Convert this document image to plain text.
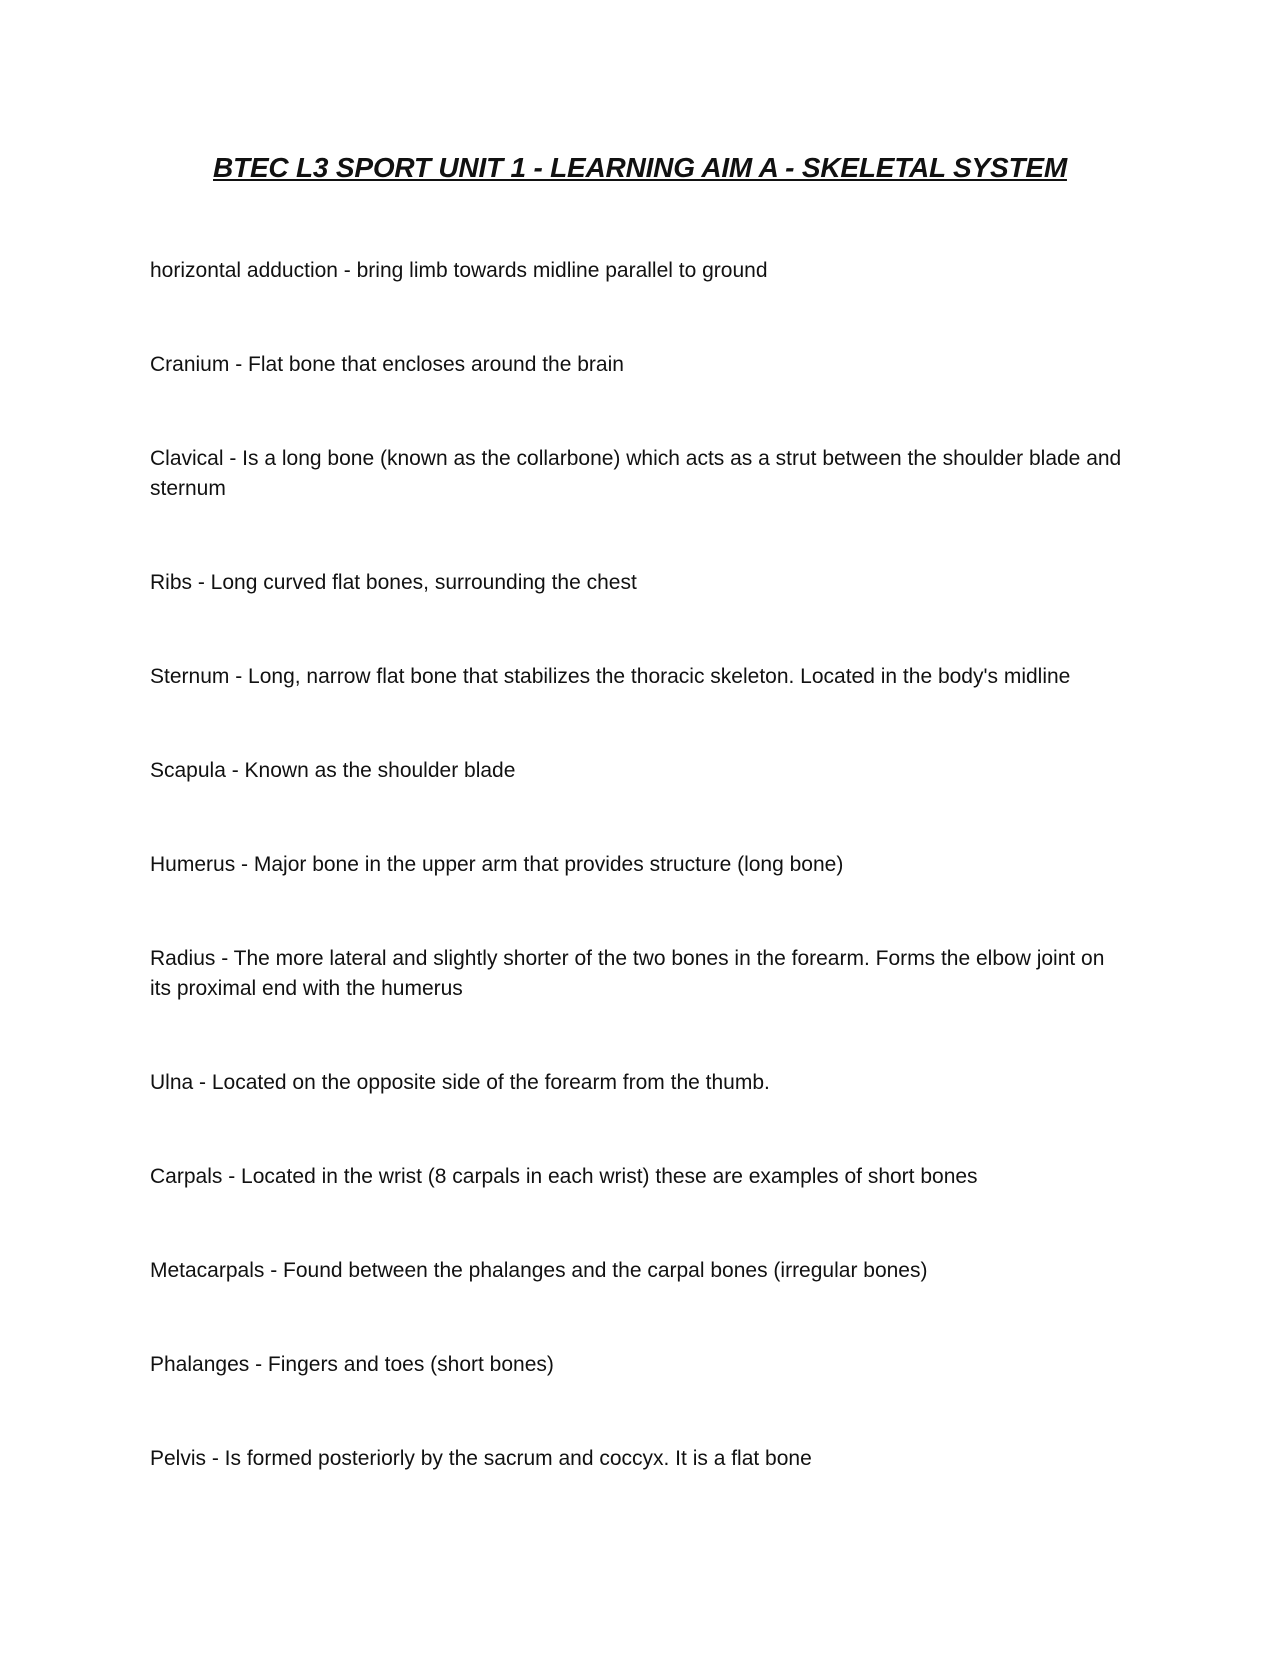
BTEC L3 SPORT UNIT 1 - LEARNING AIM A - SKELETAL SYSTEM
horizontal adduction - bring limb towards midline parallel to ground
Cranium - Flat bone that encloses around the brain
Clavical - Is a long bone (known as the collarbone) which acts as a strut between the shoulder blade and sternum
Ribs - Long curved flat bones, surrounding the chest
Sternum - Long, narrow flat bone that stabilizes the thoracic skeleton. Located in the body's midline
Scapula - Known as the shoulder blade
Humerus - Major bone in the upper arm that provides structure (long bone)
Radius - The more lateral and slightly shorter of the two bones in the forearm. Forms the elbow joint on its proximal end with the humerus
Ulna - Located on the opposite side of the forearm from the thumb.
Carpals - Located in the wrist (8 carpals in each wrist) these are examples of short bones
Metacarpals - Found between the phalanges and the carpal bones (irregular bones)
Phalanges - Fingers and toes (short bones)
Pelvis - Is formed posteriorly by the sacrum and coccyx. It is a flat bone
